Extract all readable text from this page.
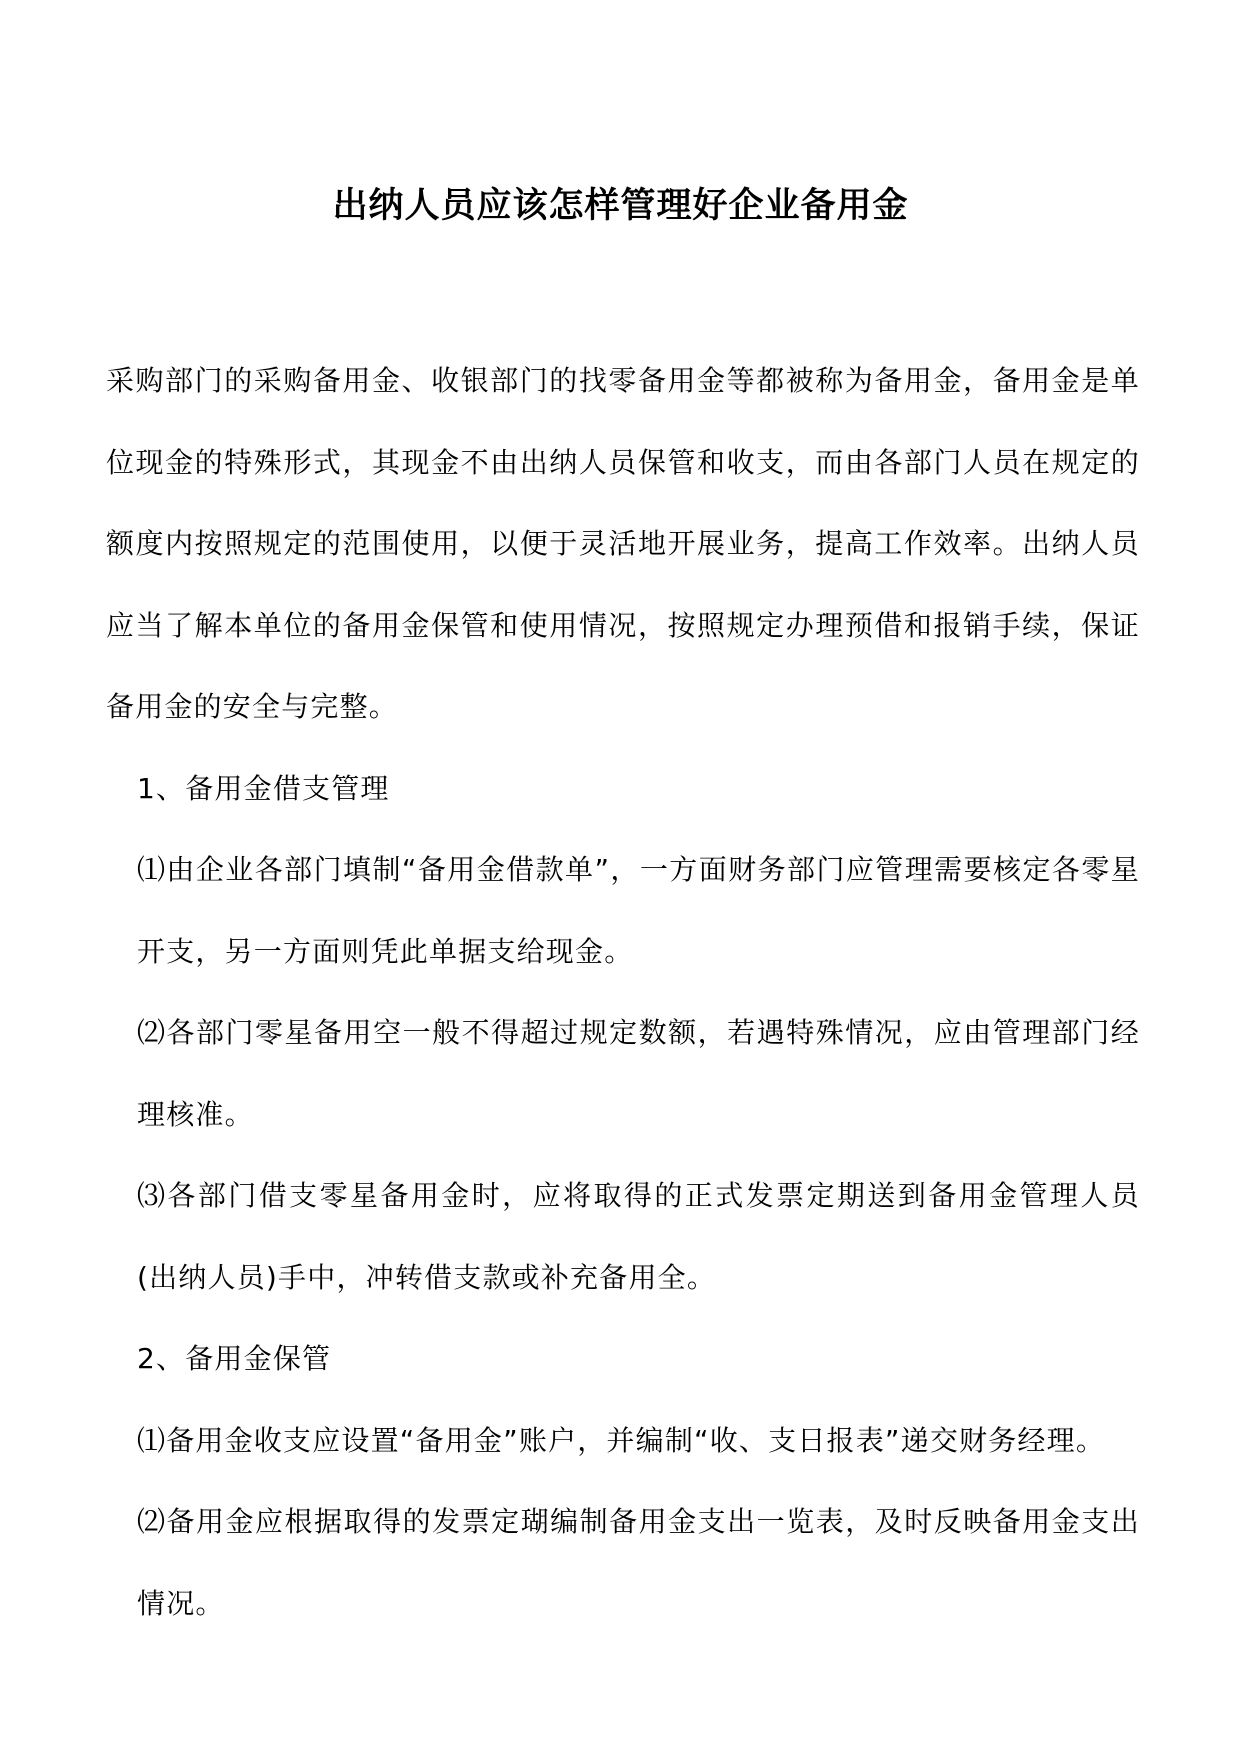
出纳人员应该怎样管理好企业备用金

采购部门的采购备用金、收银部门的找零备用金等都被称为备用金，备用金是单位现金的特殊形式，其现金不由出纳人员保管和收支，而由各部门人员在规定的额度内按照规定的范围使用，以便于灵活地开展业务，提高工作效率。出纳人员应当了解本单位的备用金保管和使用情况，按照规定办理预借和报销手续，保证备用金的安全与完整。

1、备用金借支管理

⑴由企业各部门填制“备用金借款单”，一方面财务部门应管理需要核定各零星开支，另一方面则凭此单据支给现金。

⑵各部门零星备用空一般不得超过规定数额，若遇特殊情况，应由管理部门经理核准。

⑶各部门借支零星备用金时，应将取得的正式发票定期送到备用金管理人员(出纳人员)手中，冲转借支款或补充备用全。

2、备用金保管

⑴备用金收支应设置“备用金”账户，并编制“收、支日报表”递交财务经理。

⑵备用金应根据取得的发票定瑚编制备用金支出一览表，及时反映备用金支出情况。
